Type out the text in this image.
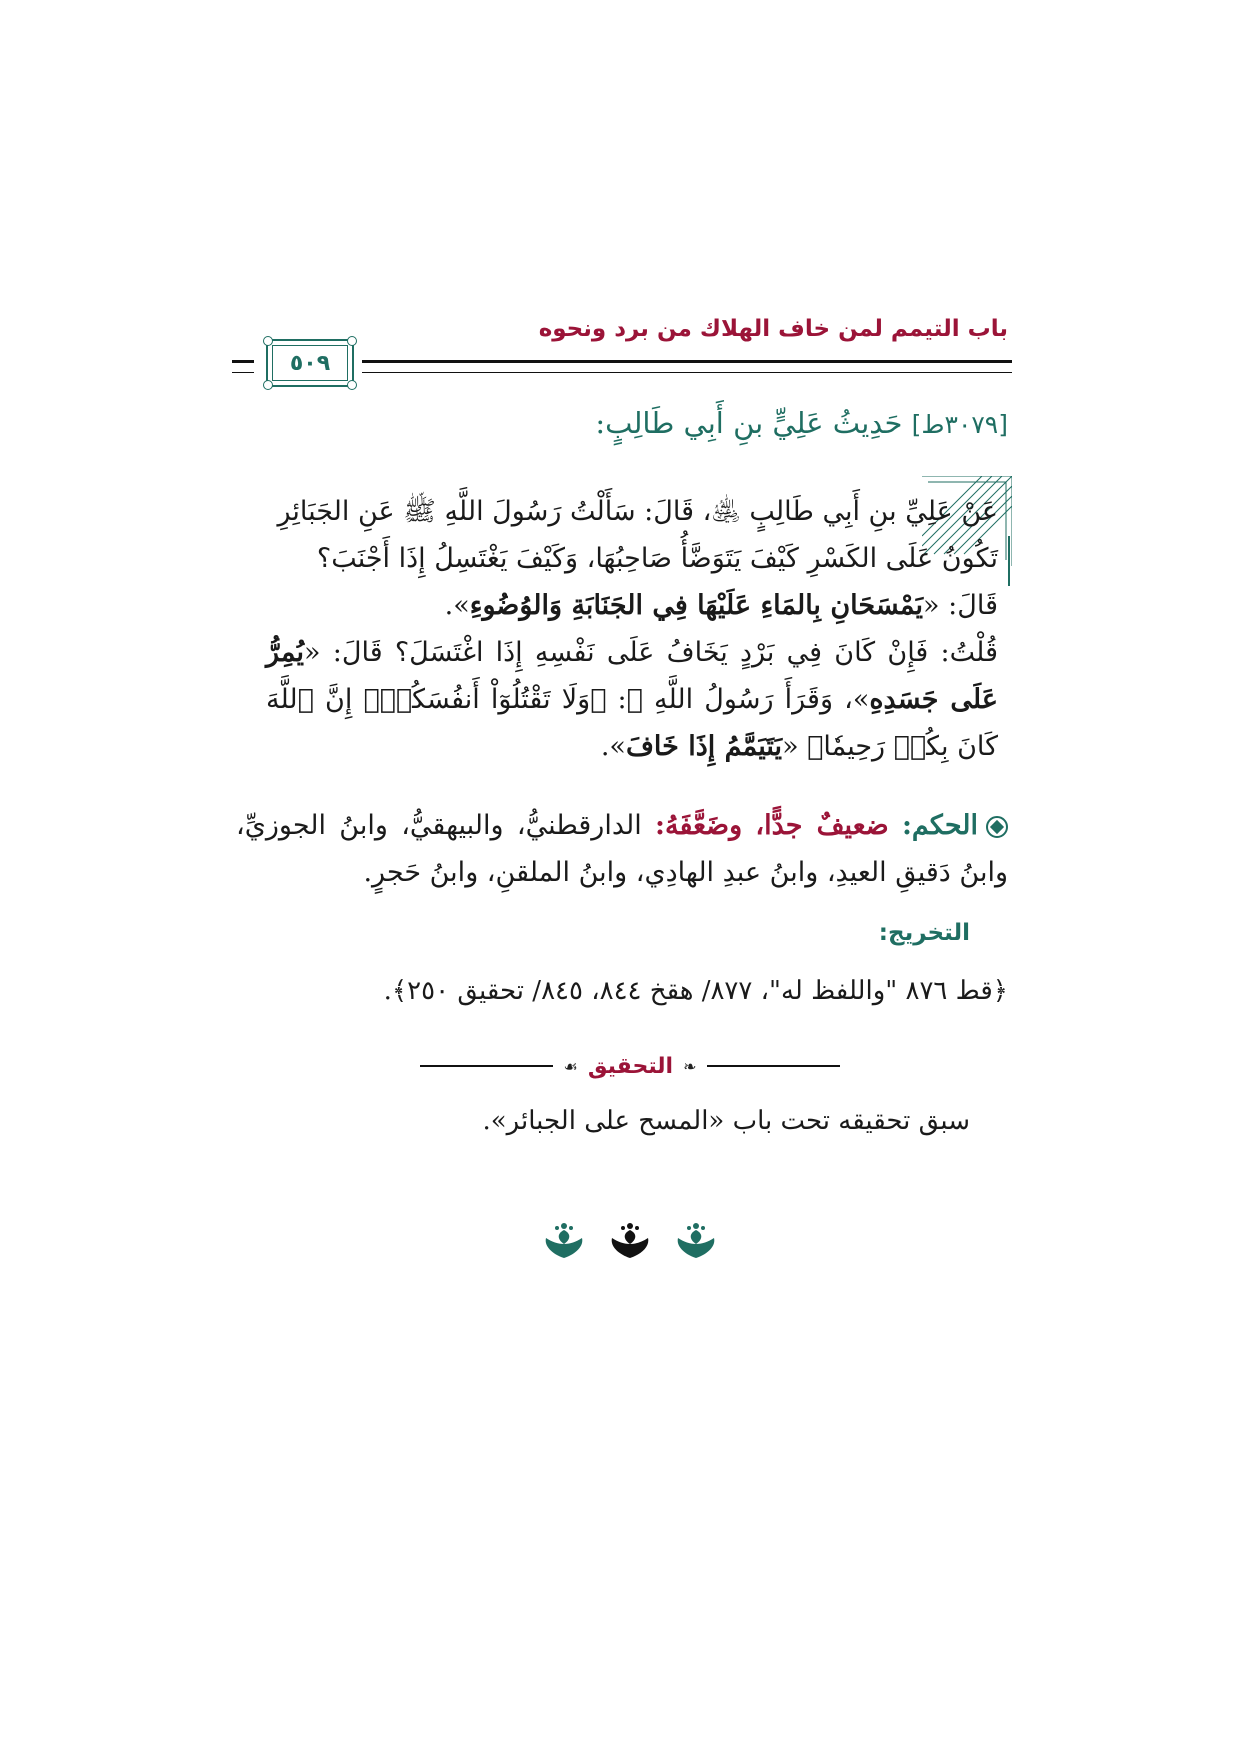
باب التيمم لمن خاف الهلاك من برد ونحوه
٥٠٩
[٣٠٧٩ط] حَدِيثُ عَلِيٍّ بنِ أَبِي طَالِبٍ:

عَنْ عَلِيِّ بنِ أَبِي طَالِبٍ ﵁، قَالَ: سَأَلْتُ رَسُولَ اللَّهِ ﷺ عَنِ الجَبَائِرِ

تَكُونُ عَلَى الكَسْرِ كَيْفَ يَتَوَضَّأُ صَاحِبُهَا، وَكَيْفَ يَغْتَسِلُ إِذَا أَجْنَبَ؟

قَالَ: «يَمْسَحَانِ بِالمَاءِ عَلَيْهَا فِي الجَنَابَةِ وَالوُضُوءِ».

قُلْتُ: فَإِنْ كَانَ فِي بَرْدٍ يَخَافُ عَلَى نَفْسِهِ إِذَا اغْتَسَلَ؟ قَالَ: «يُمِرُّ عَلَى جَسَدِهِ»، وَقَرَأَ رَسُولُ اللَّهِ ﷺ: ﴿وَلَا تَقْتُلُوٓاْ أَنفُسَكُمۡۚ إِنَّ ٱللَّهَ كَانَ بِكُمۡ رَحِيمٗا﴾ «يَتَيَمَّمُ إِذَا خَافَ».

الحكم: ضعيفٌ جدًّا، وضَعَّفَهُ: الدارقطنيُّ، والبيهقيُّ، وابنُ الجوزيِّ، وابنُ دَقيقِ العيدِ، وابنُ عبدِ الهادِي، وابنُ الملقنِ، وابنُ حَجرٍ.

التخريج:
﴿قط ٨٧٦ "واللفظ له"، ٨٧٧/ هقخ ٨٤٤، ٨٤٥/ تحقيق ٢٥٠﴾.
❧
التحقيق
☙
سبق تحقيقه تحت باب «المسح على الجبائر».
